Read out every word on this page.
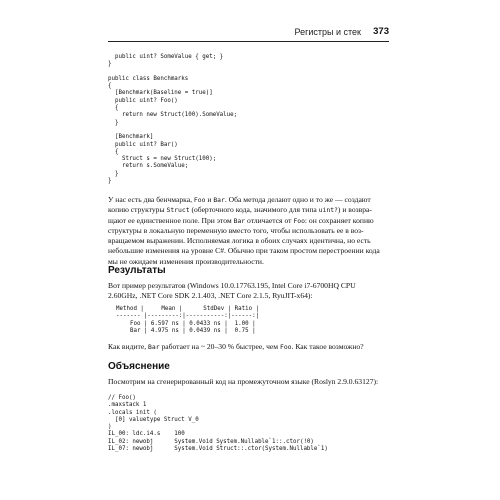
Регистры и стек 373
public uint? SomeValue { get; }
}

public class Benchmarks
{
[Benchmark(Baseline = true)]
public uint? Foo()
{
return new Struct(100).SomeValue;
}

[Benchmark]
public uint? Bar()
{
Struct s = new Struct(100);
return s.SomeValue;
}
}
У нас есть два бенчмарка, Foo и Bar. Оба метода делают одно и то же — создают
копию структуры Struct (оберточного кода, значимого для типа uint?) и возвра-
щают ее единственное поле. При этом Bar отличается от Foo: он сохраняет копию
структуры в локальную переменную вместо того, чтобы использовать ее в воз-
вращаемом выражении. Исполняемая логика в обоих случаях идентична, но есть
небольшие изменения на уровне C#. Обычно при таком простом перестроении кода
мы не ожидаем изменения производительности.
Результаты
Вот пример результатов (Windows 10.0.17763.195, Intel Core i7-6700HQ CPU
2.60GHz, .NET Core SDK 2.1.403, .NET Core 2.1.5, RyuJIT-x64):
Method |     Mean |      StdDev | Ratio |
------- |---------:|-----------:|------:|
Foo | 6.597 ns | 0.0433 ns |  1.00 |
Bar | 4.975 ns | 0.0439 ns |  0.75 |
Как видите, Bar работает на ~ 20–30 % быстрее, чем Foo. Как такое возможно?
Объяснение
Посмотрим на сгенерированный код на промежуточном языке (Roslyn 2.9.0.63127):
// Foo()
.maxstack 1
.locals init (
[0] valuetype Struct V_0
)
IL_00: ldc.i4.s    100
IL_02: newobj      System.Void System.Nullable`1::.ctor(!0)
IL_07: newobj      System.Void Struct::.ctor(System.Nullable`1)
